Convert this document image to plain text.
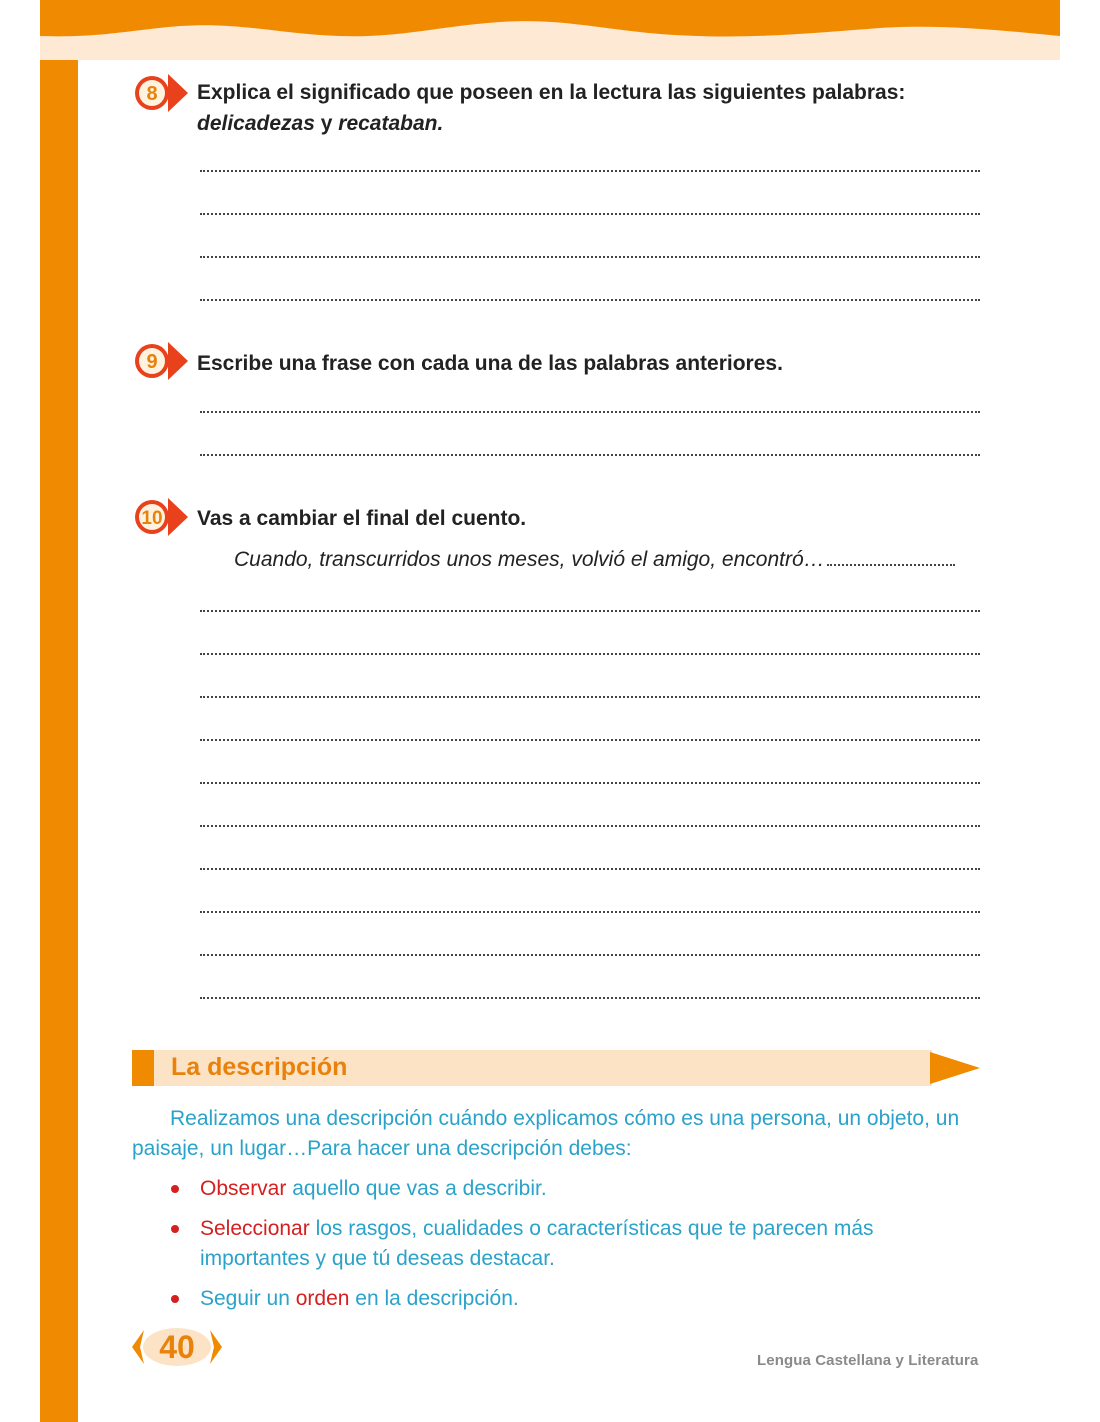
8 Explica el significado que poseen en la lectura las siguientes palabras:
delicadezas y recataban.
9 Escribe una frase con cada una de las palabras anteriores.
10 Vas a cambiar el final del cuento.
Cuando, transcurridos unos meses, volvió el amigo, encontró…
La descripción
Realizamos una descripción cuándo explicamos cómo es una persona, un objeto, un paisaje, un lugar…Para hacer una descripción debes:
Observar aquello que vas a describir.
Seleccionar los rasgos, cualidades o características que te parecen más importantes y que tú deseas destacar.
Seguir un orden en la descripción.
40	Lengua Castellana y Literatura
